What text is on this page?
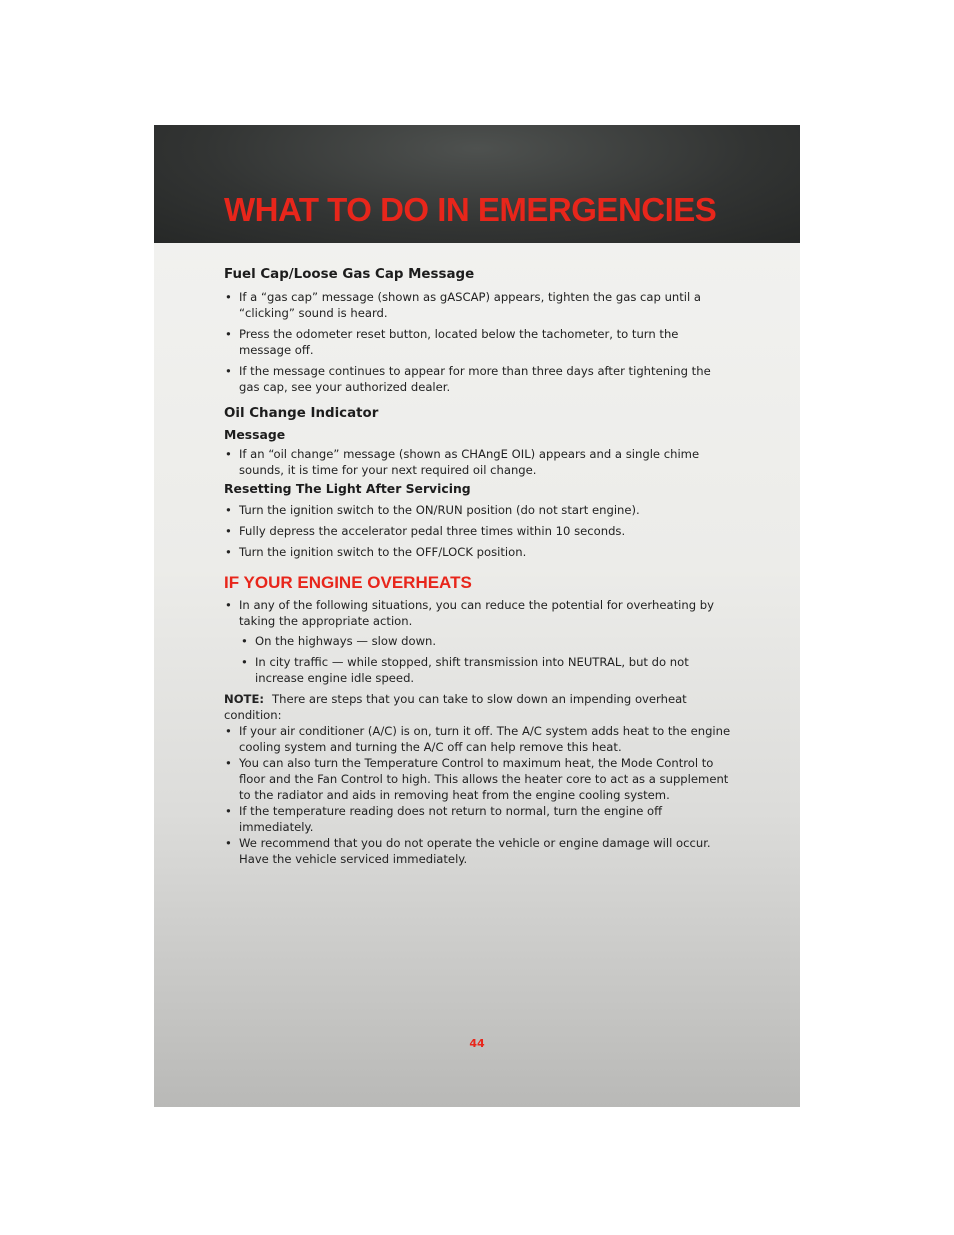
WHAT TO DO IN EMERGENCIES
Fuel Cap/Loose Gas Cap Message
• If a “gas cap” message (shown as gASCAP) appears, tighten the gas cap until a “clicking” sound is heard.
• Press the odometer reset button, located below the tachometer, to turn the message off.
• If the message continues to appear for more than three days after tightening the gas cap, see your authorized dealer.
Oil Change Indicator
Message
• If an “oil change” message (shown as CHAngE OIL) appears and a single chime sounds, it is time for your next required oil change.
Resetting The Light After Servicing
• Turn the ignition switch to the ON/RUN position (do not start engine).
• Fully depress the accelerator pedal three times within 10 seconds.
• Turn the ignition switch to the OFF/LOCK position.
IF YOUR ENGINE OVERHEATS
• In any of the following situations, you can reduce the potential for overheating by taking the appropriate action.
• On the highways — slow down.
• In city traffic — while stopped, shift transmission into NEUTRAL, but do not increase engine idle speed.
NOTE: There are steps that you can take to slow down an impending overheat condition:
• If your air conditioner (A/C) is on, turn it off. The A/C system adds heat to the engine cooling system and turning the A/C off can help remove this heat.
• You can also turn the Temperature Control to maximum heat, the Mode Control to floor and the Fan Control to high. This allows the heater core to act as a supplement to the radiator and aids in removing heat from the engine cooling system.
• If the temperature reading does not return to normal, turn the engine off immediately.
• We recommend that you do not operate the vehicle or engine damage will occur. Have the vehicle serviced immediately.
44
